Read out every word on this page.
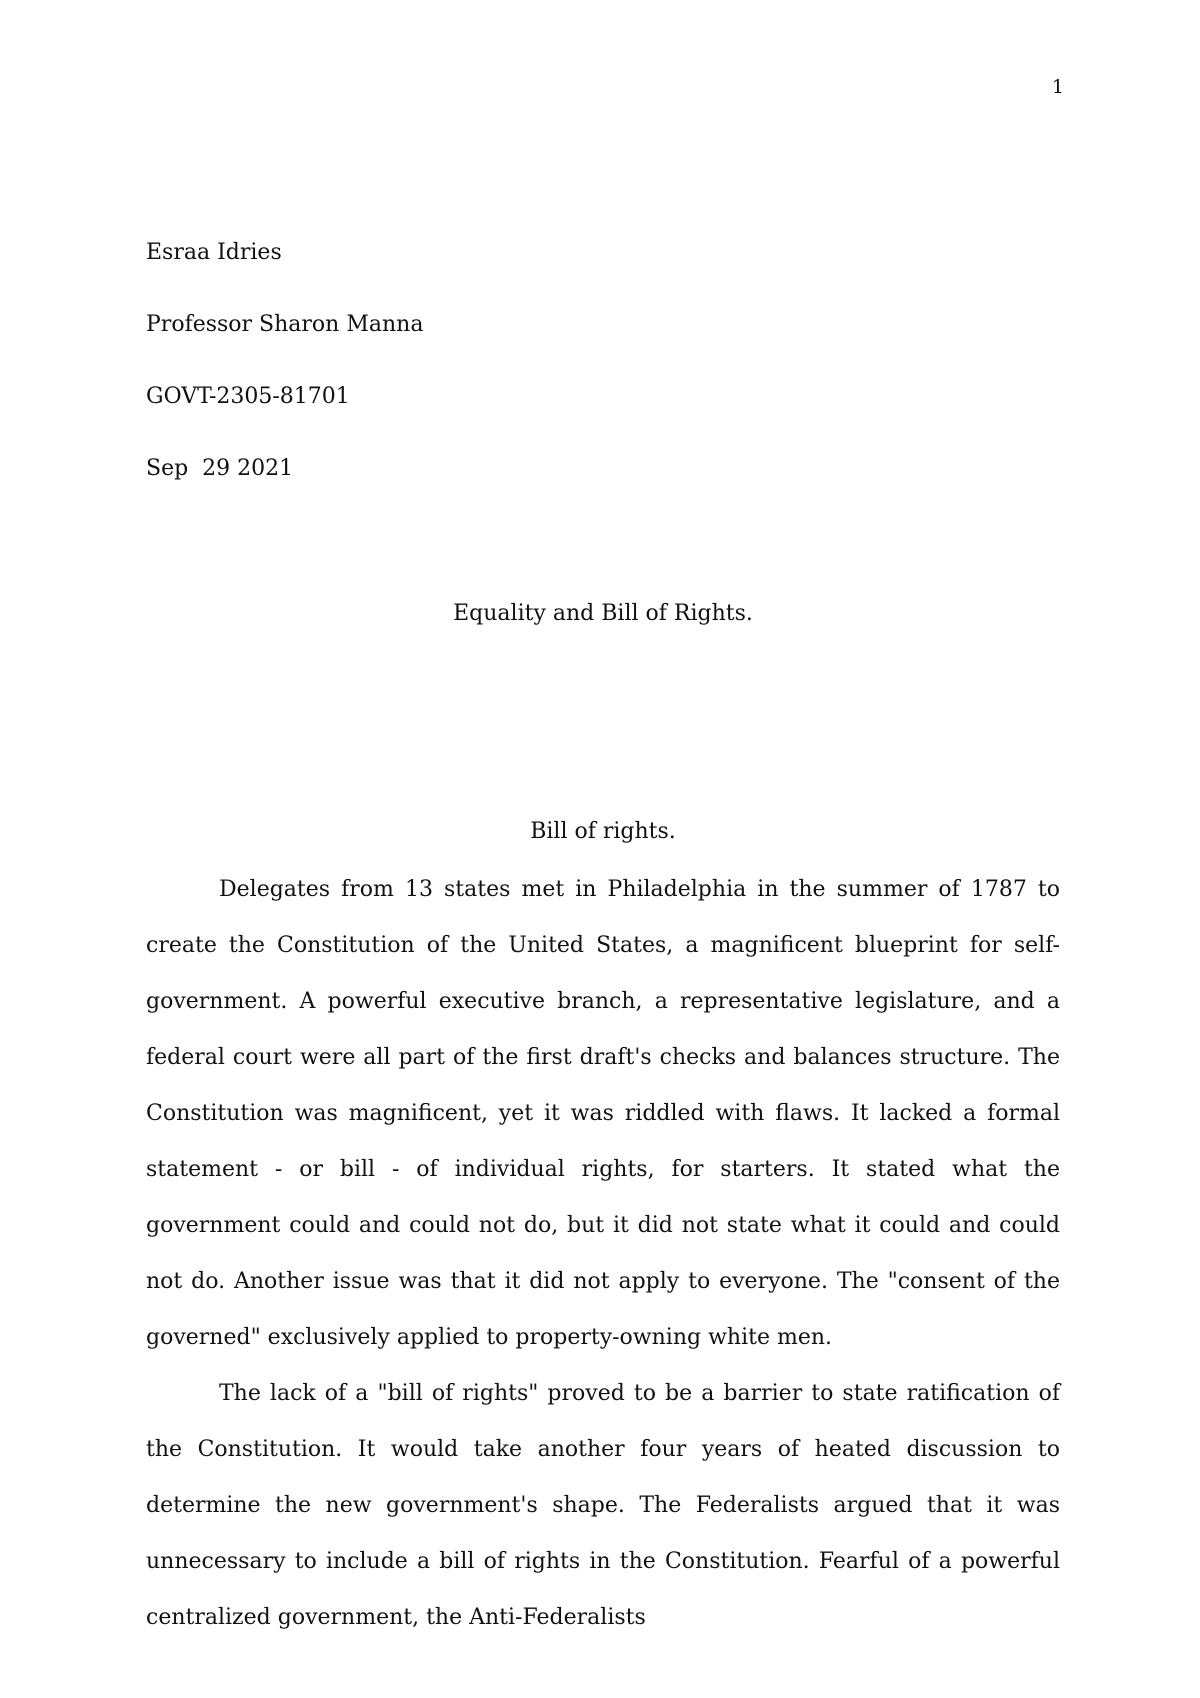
1
Esraa Idries
Professor Sharon Manna
GOVT-2305-81701
Sep  29 2021
Equality and Bill of Rights.
Bill of rights.

Delegates from 13 states met in Philadelphia in the summer of 1787 to create the Constitution of the United States, a magnificent blueprint for self-government. A powerful executive branch, a representative legislature, and a federal court were all part of the first draft's checks and balances structure. The Constitution was magnificent, yet it was riddled with flaws. It lacked a formal statement - or bill - of individual rights, for starters. It stated what the government could and could not do, but it did not state what it could and could not do. Another issue was that it did not apply to everyone. The "consent of the governed" exclusively applied to property-owning white men.

The lack of a "bill of rights" proved to be a barrier to state ratification of the Constitution. It would take another four years of heated discussion to determine the new government's shape. The Federalists argued that it was unnecessary to include a bill of rights in the Constitution. Fearful of a powerful centralized government, the Anti-Federalists
